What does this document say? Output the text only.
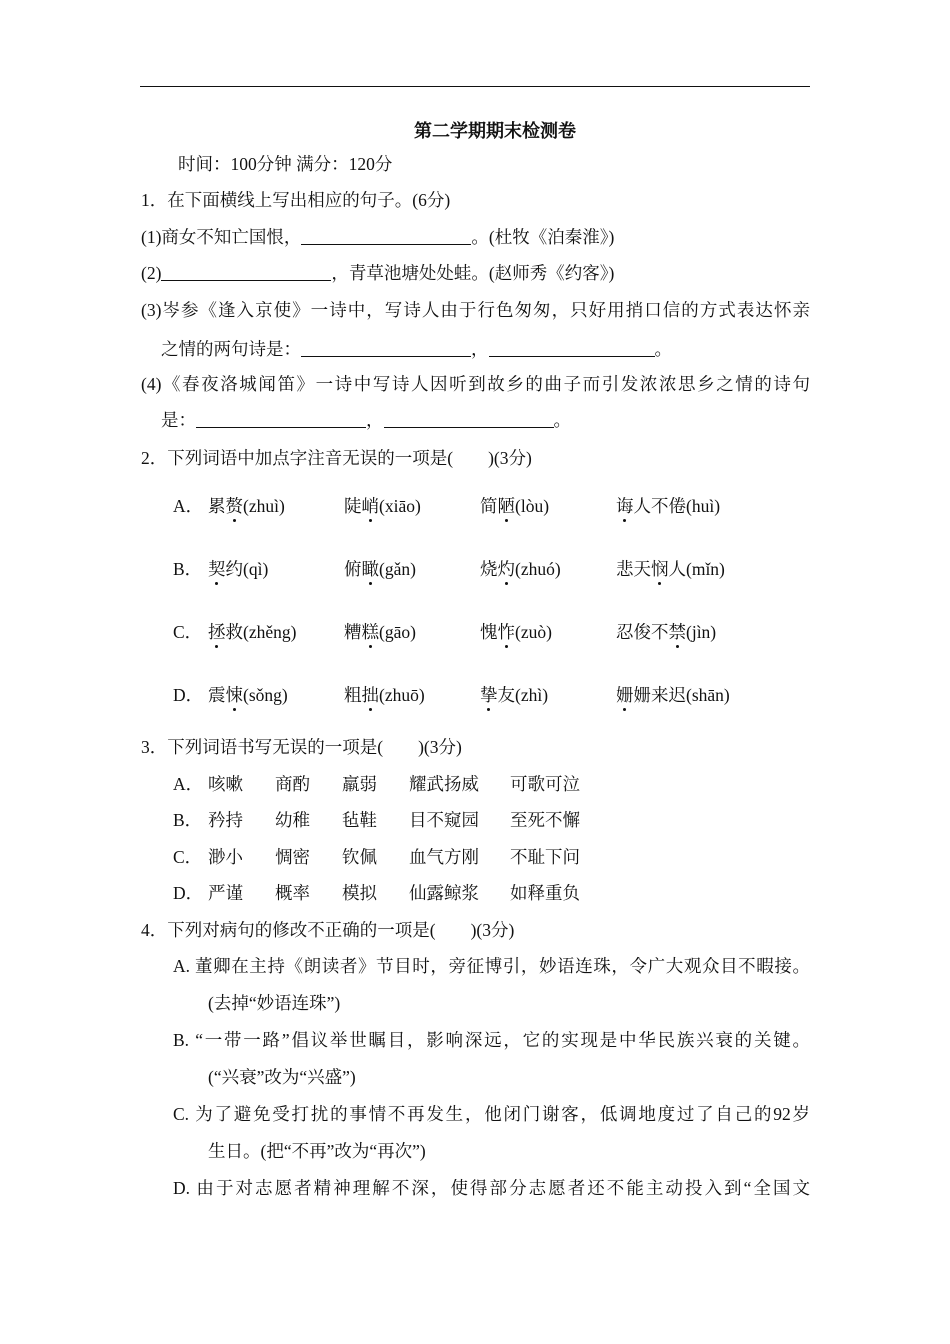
第二学期期末检测卷
时间：100分钟 满分：120分
1．在下面横线上写出相应的句子。(6分)
(1)商女不知亡国恨，	。(杜牧《泊秦淮》)
(2)	，青草池塘处处蛙。(赵师秀《约客》)
(3)岑参《逢入京使》一诗中，写诗人由于行色匆匆，只好用捎口信的方式表达怀亲
之情的两句诗是：	，	。
(4)《春夜洛城闻笛》一诗中写诗人因听到故乡的曲子而引发浓浓思乡之情的诗句
是：	，	。
2．下列词语中加点字注音无误的一项是(　　)(3分)
A． 累赘(zhuì)	陡峭(xiāo)	简陋(lòu)	诲人不倦(huì)
B． 契约(qì)	俯瞰(gǎn)	烧灼(zhuó)	悲天悯人(mǐn)
C． 拯救(zhěng)	糟糕(gāo)	愧怍(zuò)	忍俊不禁(jìn)
D． 震悚(sǒng)	粗拙(zhuō)	挚友(zhì)	姗姗来迟(shān)
3．下列词语书写无误的一项是(　　)(3分)
A． 咳嗽 商酌 羸弱 耀武扬威 可歌可泣
B． 矜持 幼稚 毡鞋 目不窥园 至死不懈
C． 渺小 惆密 钦佩 血气方刚 不耻下问
D． 严谨 概率 模拟 仙露鲸浆 如释重负
4．下列对病句的修改不正确的一项是(　　)(3分)
A. 董卿在主持《朗读者》节目时，旁征博引，妙语连珠，令广大观众目不暇接。
(去掉“妙语连珠”)
B. “一带一路”倡议举世瞩目，影响深远，它的实现是中华民族兴衰的关键。
(“兴衰”改为“兴盛”)
C. 为了避免受打扰的事情不再发生，他闭门谢客，低调地度过了自己的92岁
生日。(把“不再”改为“再次”)
D. 由于对志愿者精神理解不深，使得部分志愿者还不能主动投入到“全国文
